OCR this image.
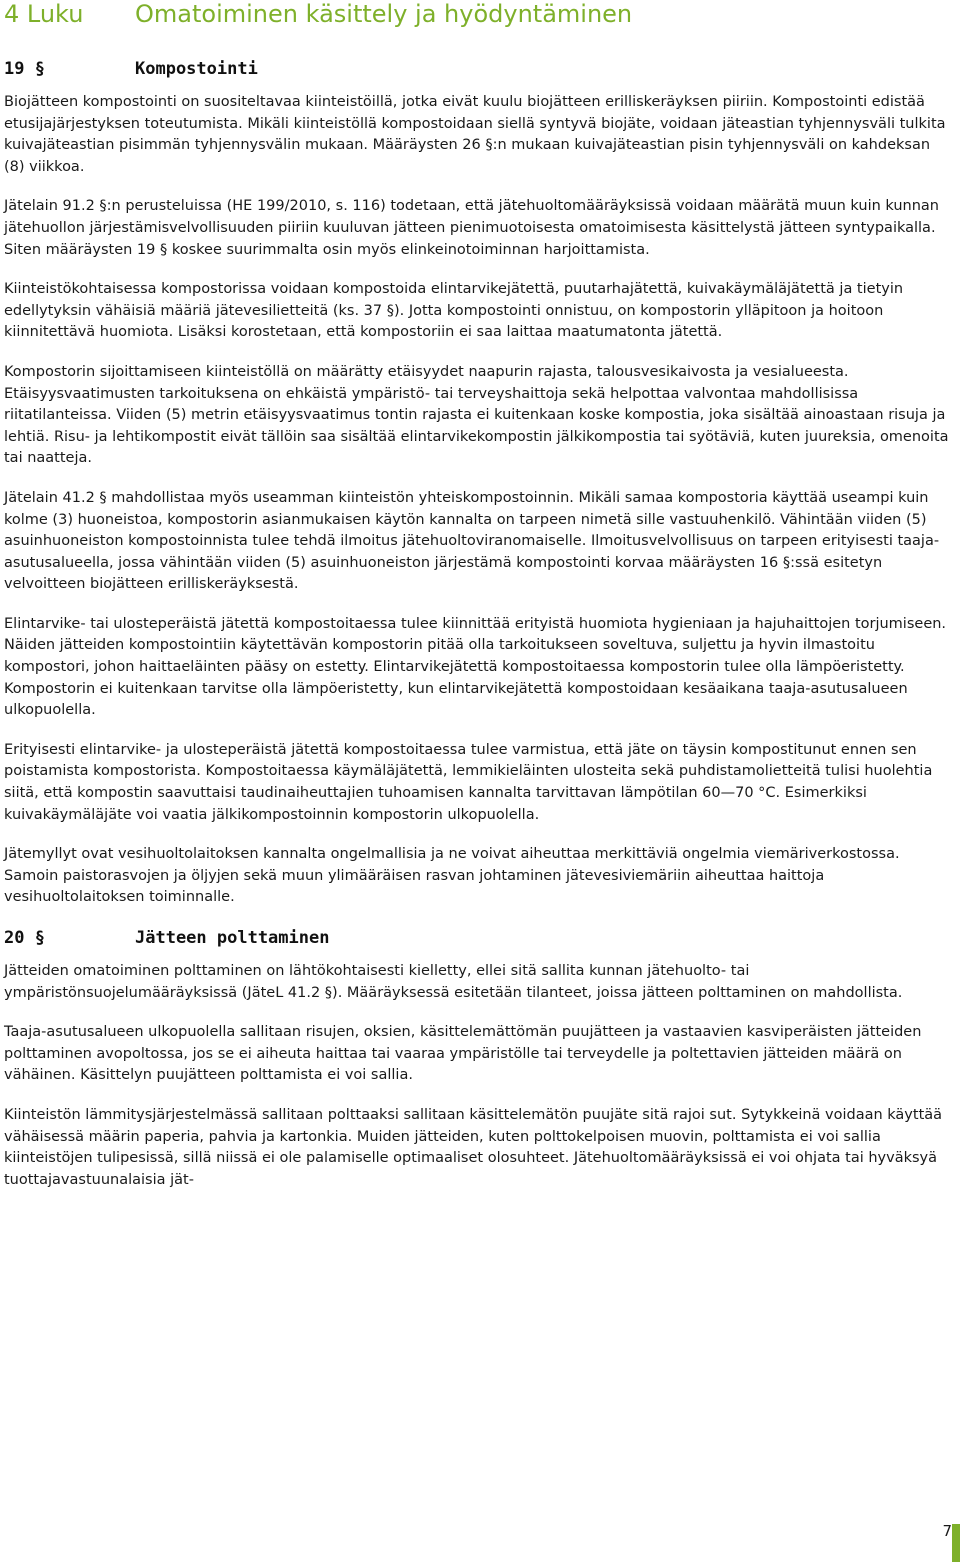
4 Luku Omatoiminen käsittely ja hyödyntäminen
19 §	Kompostointi

Biojätteen kompostointi on suositeltavaa kiinteistöillä, jotka eivät kuulu biojätteen erilliskeräyksen piiriin. Kompostointi edistää etusijajärjestyksen toteutumista. Mikäli kiinteistöllä kompostoidaan siellä syntyvä biojäte, voidaan jäteastian tyhjennysväli tulkita kuivajäteastian pisimmän tyhjennysvälin mukaan. Määräysten 26 §:n mukaan kuivajäteastian pisin tyhjennysväli on kahdeksan (8) viikkoa.

Jätelain 91.2 §:n perusteluissa (HE 199/2010, s. 116) todetaan, että jätehuoltomääräyksissä voidaan määrätä muun kuin kunnan jätehuollon järjestämisvelvollisuuden piiriin kuuluvan jätteen pienimuotoisesta omatoimisesta käsittelystä jätteen syntypaikalla. Siten määräysten 19 § koskee suurimmalta osin myös elinkeinotoiminnan harjoittamista.

Kiinteistökohtaisessa kompostorissa voidaan kompostoida elintarvikejätettä, puutarhajätettä, kuivakäymäläjätettä ja tietyin edellytyksin vähäisiä määriä jätevesilietteitä (ks. 37 §). Jotta kompostointi onnistuu, on kompostorin ylläpitoon ja hoitoon kiinnitettävä huomiota. Lisäksi korostetaan, että kompostoriin ei saa laittaa maatumatonta jätettä.

Kompostorin sijoittamiseen kiinteistöllä on määrätty etäisyydet naapurin rajasta, talousvesikaivosta ja vesialueesta. Etäisyysvaatimusten tarkoituksena on ehkäistä ympäristö- tai terveyshaittoja sekä helpottaa valvontaa mahdollisissa riitatilanteissa. Viiden (5) metrin etäisyysvaatimus tontin rajasta ei kuitenkaan koske kompostia, joka sisältää ainoastaan risuja ja lehtiä. Risu- ja lehtikompostit eivät tällöin saa sisältää elintarvikekompostin jälkikompostia tai syötäviä, kuten juureksia, omenoita tai naatteja.

Jätelain 41.2 § mahdollistaa myös useamman kiinteistön yhteiskompostoinnin. Mikäli samaa kompostoria käyttää useampi kuin kolme (3) huoneistoa, kompostorin asianmukaisen käytön kannalta on tarpeen nimetä sille vastuuhenkilö. Vähintään viiden (5) asuinhuoneiston kompostoinnista tulee tehdä ilmoitus jätehuoltoviranomaiselle. Ilmoitusvelvollisuus on tarpeen erityisesti taaja-asutusalueella, jossa vähintään viiden (5) asuinhuoneiston järjestämä kompostointi korvaa määräysten 16 §:ssä esitetyn velvoitteen biojätteen erilliskeräyksestä.

Elintarvike- tai ulosteperäistä jätettä kompostoitaessa tulee kiinnittää erityistä huomiota hygieniaan ja hajuhaittojen torjumiseen. Näiden jätteiden kompostointiin käytettävän kompostorin pitää olla tarkoitukseen soveltuva, suljettu ja hyvin ilmastoitu kompostori, johon haittaeläinten pääsy on estetty. Elintarvikejätettä kompostoitaessa kompostorin tulee olla lämpöeristetty. Kompostorin ei kuitenkaan tarvitse olla lämpöeristetty, kun elintarvikejätettä kompostoidaan kesäaikana taaja-asutusalueen ulkopuolella.

Erityisesti elintarvike- ja ulosteperäistä jätettä kompostoitaessa tulee varmistua, että jäte on täysin kompostitunut ennen sen poistamista kompostorista. Kompostoitaessa käymäläjätettä, lemmikieläinten ulosteita sekä puhdistamolietteitä tulisi huolehtia siitä, että kompostin saavuttaisi taudinaiheuttajien tuhoamisen kannalta tarvittavan lämpötilan 60—70 °C. Esimerkiksi kuivakäymäläjäte voi vaatia jälkikompostoinnin kompostorin ulkopuolella.

Jätemyllyt ovat vesihuoltolaitoksen kannalta ongelmallisia ja ne voivat aiheuttaa merkittäviä ongelmia viemäriverkostossa. Samoin paistorasvojen ja öljyjen sekä muun ylimääräisen rasvan johtaminen jätevesiviemäriin aiheuttaa haittoja vesihuoltolaitoksen toiminnalle.

20 §	Jätteen polttaminen

Jätteiden omatoiminen polttaminen on lähtökohtaisesti kielletty, ellei sitä sallita kunnan jätehuolto- tai ympäristönsuojelumääräyksissä (JäteL 41.2 §). Määräyksessä esitetään tilanteet, joissa jätteen polttaminen on mahdollista.

Taaja-asutusalueen ulkopuolella sallitaan risujen, oksien, käsittelemättömän puujätteen ja vastaavien kasviperäisten jätteiden polttaminen avopoltossa, jos se ei aiheuta haittaa tai vaaraa ympäristölle tai terveydelle ja poltettavien jätteiden määrä on vähäinen. Käsittelyn puujätteen polttamista ei voi sallia.

Kiinteistön lämmitysjärjestelmässä sallitaan polttaaksi sallitaan käsittelemätön puujäte sitä rajoi sut. Sytykkeinä voidaan käyttää vähäisessä määrin paperia, pahvia ja kartonkia. Muiden jätteiden, kuten polttokelpoisen muovin, polttamista ei voi sallia kiinteistöjen tulipesissä, sillä niissä ei ole palamiselle optimaaliset olosuhteet. Jätehuoltomääräyksissä ei voi ohjata tai hyväksyä tuottajavastuunalaisia jät-

7
